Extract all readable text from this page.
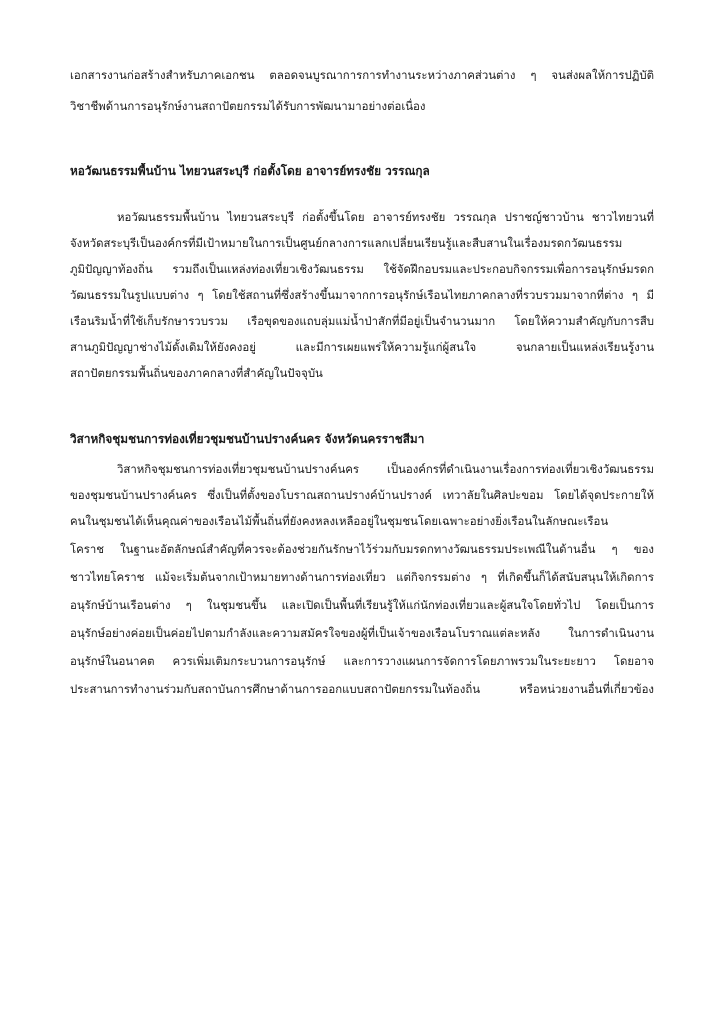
เอกสารงานก่อสร้างสำหรับภาคเอกชน ตลอดจนบูรณาการการทำงานระหว่างภาคส่วนต่าง ๆ จนส่งผลให้การปฏิบัติ
วิชาชีพด้านการอนุรักษ์งานสถาปัตยกรรมได้รับการพัฒนามาอย่างต่อเนื่อง
หอวัฒนธรรมพื้นบ้าน ไทยวนสระบุรี ก่อตั้งโดย อาจารย์ทรงชัย วรรณกุล
หอวัฒนธรรมพื้นบ้าน ไทยวนสระบุรี ก่อตั้งขึ้นโดย อาจารย์ทรงชัย วรรณกุล ปราชญ์ชาวบ้าน ชาวไทยวนที่
จังหวัดสระบุรีเป็นองค์กรที่มีเป้าหมายในการเป็นศูนย์กลางการแลกเปลี่ยนเรียนรู้และสืบสานในเรื่องมรดกวัฒนธรรม
ภูมิปัญญาท้องถิ่น รวมถึงเป็นแหล่งท่องเที่ยวเชิงวัฒนธรรม ใช้จัดฝึกอบรมและประกอบกิจกรรมเพื่อการอนุรักษ์มรดก
วัฒนธรรมในรูปแบบต่าง ๆ โดยใช้สถานที่ซึ่งสร้างขึ้นมาจากการอนุรักษ์เรือนไทยภาคกลางที่รวบรวมมาจากที่ต่าง ๆ มี
เรือนริมน้ำที่ใช้เก็บรักษารวบรวม เรือขุดของแถบลุ่มแม่น้ำป่าสักที่มีอยู่เป็นจำนวนมาก โดยให้ความสำคัญกับการสืบ
สานภูมิปัญญาช่างไม้ดั้งเดิมให้ยังคงอยู่ และมีการเผยแพร่ให้ความรู้แก่ผู้สนใจ จนกลายเป็นแหล่งเรียนรู้งาน
สถาปัตยกรรมพื้นถิ่นของภาคกลางที่สำคัญในปัจจุบัน
วิสาหกิจชุมชนการท่องเที่ยวชุมชนบ้านปรางค์นคร จังหวัดนครราชสีมา
วิสาหกิจชุมชนการท่องเที่ยวชุมชนบ้านปรางค์นคร เป็นองค์กรที่ดำเนินงานเรื่องการท่องเที่ยวเชิงวัฒนธรรม
ของชุมชนบ้านปรางค์นคร ซึ่งเป็นที่ตั้งของโบราณสถานปรางค์บ้านปรางค์ เทวาลัยในศิลปะขอม โดยได้จุดประกายให้
คนในชุมชนได้เห็นคุณค่าของเรือนไม้พื้นถิ่นที่ยังคงหลงเหลืออยู่ในชุมชนโดยเฉพาะอย่างยิ่งเรือนในลักษณะเรือน
โคราช ในฐานะอัตลักษณ์สำคัญที่ควรจะต้องช่วยกันรักษาไว้ร่วมกับมรดกทางวัฒนธรรมประเพณีในด้านอื่น ๆ ของ
ชาวไทยโคราช แม้จะเริ่มต้นจากเป้าหมายทางด้านการท่องเที่ยว แต่กิจกรรมต่าง ๆ ที่เกิดขึ้นก็ได้สนับสนุนให้เกิดการ
อนุรักษ์บ้านเรือนต่าง ๆ ในชุมชนขึ้น และเปิดเป็นพื้นที่เรียนรู้ให้แก่นักท่องเที่ยวและผู้สนใจโดยทั่วไป โดยเป็นการ
อนุรักษ์อย่างค่อยเป็นค่อยไปตามกำลังและความสมัครใจของผู้ที่เป็นเจ้าของเรือนโบราณแต่ละหลัง ในการดำเนินงาน
อนุรักษ์ในอนาคต ควรเพิ่มเติมกระบวนการอนุรักษ์ และการวางแผนการจัดการโดยภาพรวมในระยะยาว โดยอาจ
ประสานการทำงานร่วมกับสถาบันการศึกษาด้านการออกแบบสถาปัตยกรรมในท้องถิ่น หรือหน่วยงานอื่นที่เกี่ยวข้อง
